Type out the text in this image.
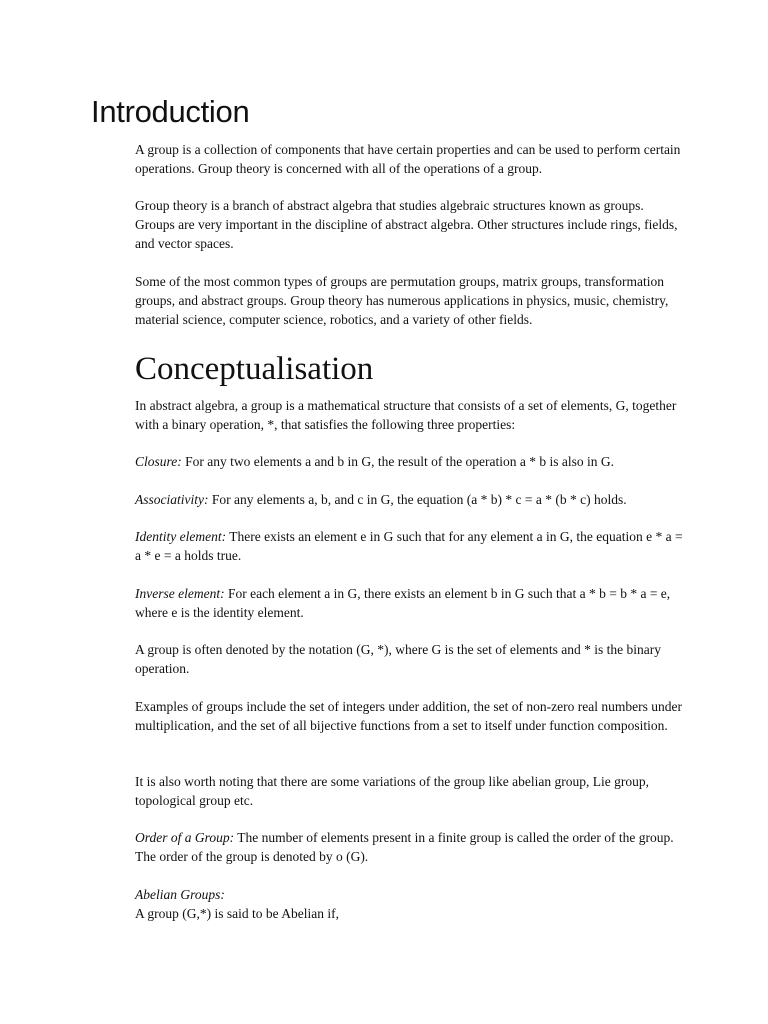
Introduction

A group is a collection of components that have certain properties and can be used to perform certain operations. Group theory is concerned with all of the operations of a group.

Group theory is a branch of abstract algebra that studies algebraic structures known as groups. Groups are very important in the discipline of abstract algebra. Other structures include rings, fields, and vector spaces.

Some of the most common types of groups are permutation groups, matrix groups, transformation groups, and abstract groups. Group theory has numerous applications in physics, music, chemistry, material science, computer science, robotics, and a variety of other fields.

Conceptualisation

In abstract algebra, a group is a mathematical structure that consists of a set of elements, G, together with a binary operation, *, that satisfies the following three properties:

Closure: For any two elements a and b in G, the result of the operation a * b is also in G.

Associativity: For any elements a, b, and c in G, the equation (a * b) * c = a * (b * c) holds.

Identity element: There exists an element e in G such that for any element a in G, the equation e * a = a * e = a holds true.

Inverse element: For each element a in G, there exists an element b in G such that a * b = b * a = e, where e is the identity element.

A group is often denoted by the notation (G, *), where G is the set of elements and * is the binary operation.

Examples of groups include the set of integers under addition, the set of non-zero real numbers under multiplication, and the set of all bijective functions from a set to itself under function composition.

It is also worth noting that there are some variations of the group like abelian group, Lie group, topological group etc.

Order of a Group: The number of elements present in a finite group is called the order of the group. The order of the group is denoted by o (G).

Abelian Groups:
A group (G,*) is said to be Abelian if,
